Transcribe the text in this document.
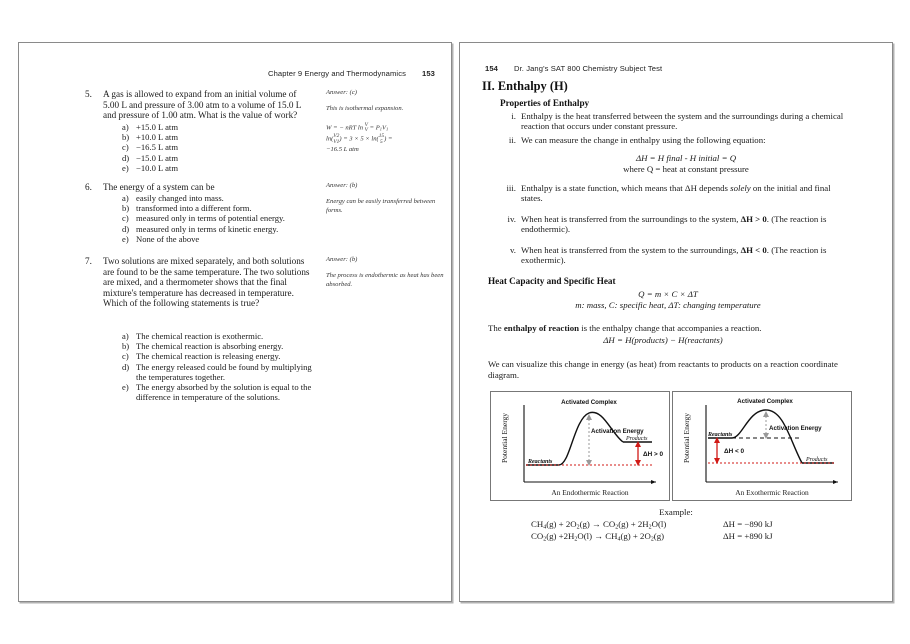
Chapter 9 Energy and Thermodynamics 153
5. A gas is allowed to expand from an initial volume of 5.00 L and pressure of 3.00 atm to a volume of 15.0 L and pressure of 1.00 atm. What is the value of work?
a) +15.0 L atm
b) +10.0 L atm
c) −16.5 L atm
d) −15.0 L atm
e) −10.0 L atm
Answer: (c)
This is isothermal expansion.
W = − nRT ln V
$V = P_1V_1$
ln( V2
V1 ) = 3 × 5 × ln( 15
5 ) =
−16.5 L atm
6. The energy of a system can be
a) easily changed into mass.
b) transformed into a different form.
c) measured only in terms of potential energy.
d) measured only in terms of kinetic energy.
e) None of the above
Answer: (b)
Energy can be easily transferred between forms.
7. Two solutions are mixed separately, and both solutions are found to be the same temperature. The two solutions are mixed, and a thermometer shows that the final mixture's temperature has decreased in temperature. Which of the following statements is true?
a) The chemical reaction is exothermic.
b) The chemical reaction is absorbing energy.
c) The chemical reaction is releasing energy.
d) The energy released could be found by multiplying the temperatures together.
e) The energy absorbed by the solution is equal to the difference in temperature of the solutions.
Answer: (b)
The process is endothermic as heat has been absorbed.
154 Dr. Jang's SAT 800 Chemistry Subject Test
II. Enthalpy (H)
Properties of Enthalpy
i. Enthalpy is the heat transferred between the system and the surroundings during a chemical reaction that occurs under constant pressure.
ii. We can measure the change in enthalpy using the following equation:
ΔH = H final - H initial = Q
where Q = heat at constant pressure
iii. Enthalpy is a state function, which means that ΔH depends solely on the initial and final states.
iv. When heat is transferred from the surroundings to the system, ΔH > 0. (The reaction is endothermic).
v. When heat is transferred from the system to the surroundings, ΔH < 0. (The reaction is exothermic).
Heat Capacity and Specific Heat
Q = m × C × ΔT
m: mass, C: specific heat, ΔT: changing temperature
The enthalpy of reaction is the enthalpy change that accompanies a reaction.
ΔH = H(products) − H(reactants)
We can visualize this change in energy (as heat) from reactants to products on a reaction coordinate diagram.
Potential Energy
Activated Complex
Activation Energy
Reactants
Products
ΔH > 0
An Endothermic Reaction
Potential Energy
Activated Complex
Activation Energy
Reactants
Products
ΔH < 0
An Exothermic Reaction
Example:
$CH_4(g) + 2O_2(g) \to CO_2(g) + 2H_2O(l)$	ΔH = −890 kJ
$CO_2(g) +2H_2O(l) \to CH_4(g) + 2O_2(g)$	ΔH = +890 kJ
